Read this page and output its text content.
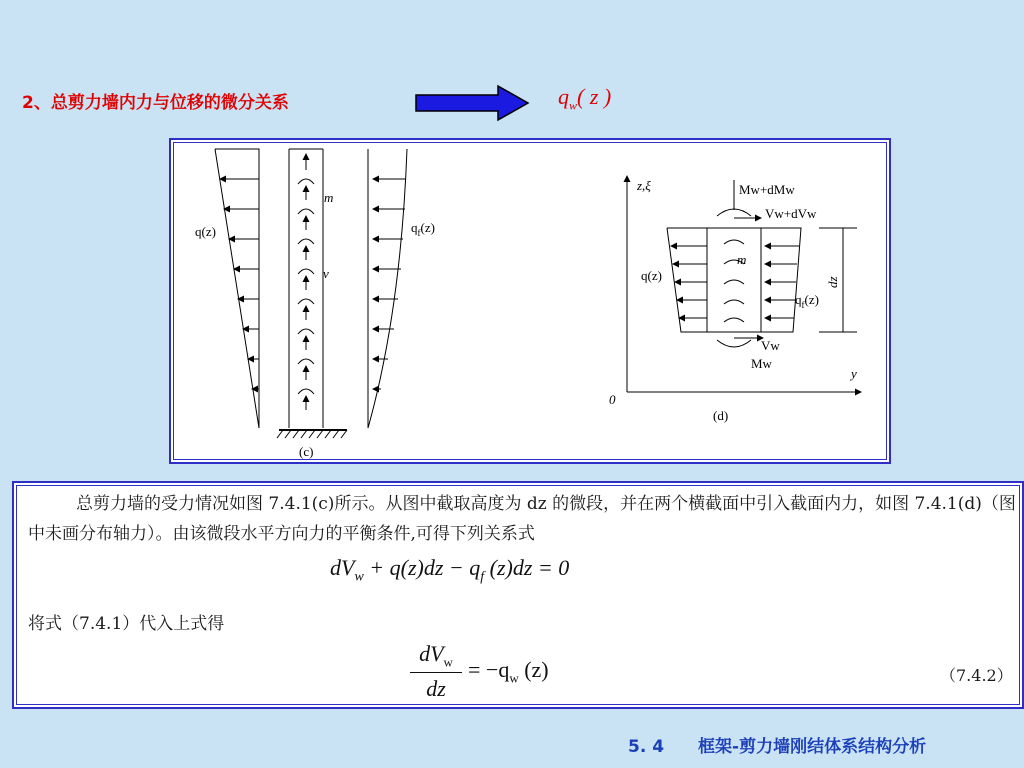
2、总剪力墙内力与位移的微分关系	$q_w$( z )
q(z)
m
v
$q_f(z)$
(c)
z,ξ
y
0
Mw+dMw
Vw+dVw
m
q(z)
$q_f(z)$
dz
Vw
Mw
(d)

总剪力墙的受力情况如图 7.4.1(c)所示。从图中截取高度为 dz 的微段，并在两个横截面中引入截面内力，如图 7.4.1(d)（图中未画分布轴力）。由该微段水平方向力的平衡条件,可得下列关系式

$dV_w + q(z)dz - q_f$ (z)dz = 0
将式（7.4.1）代入上式得
$dV_w$
dz
= $-q_w$ (z)	（7.4.2）
5. 4 框架-剪力墙刚结体系结构分析
